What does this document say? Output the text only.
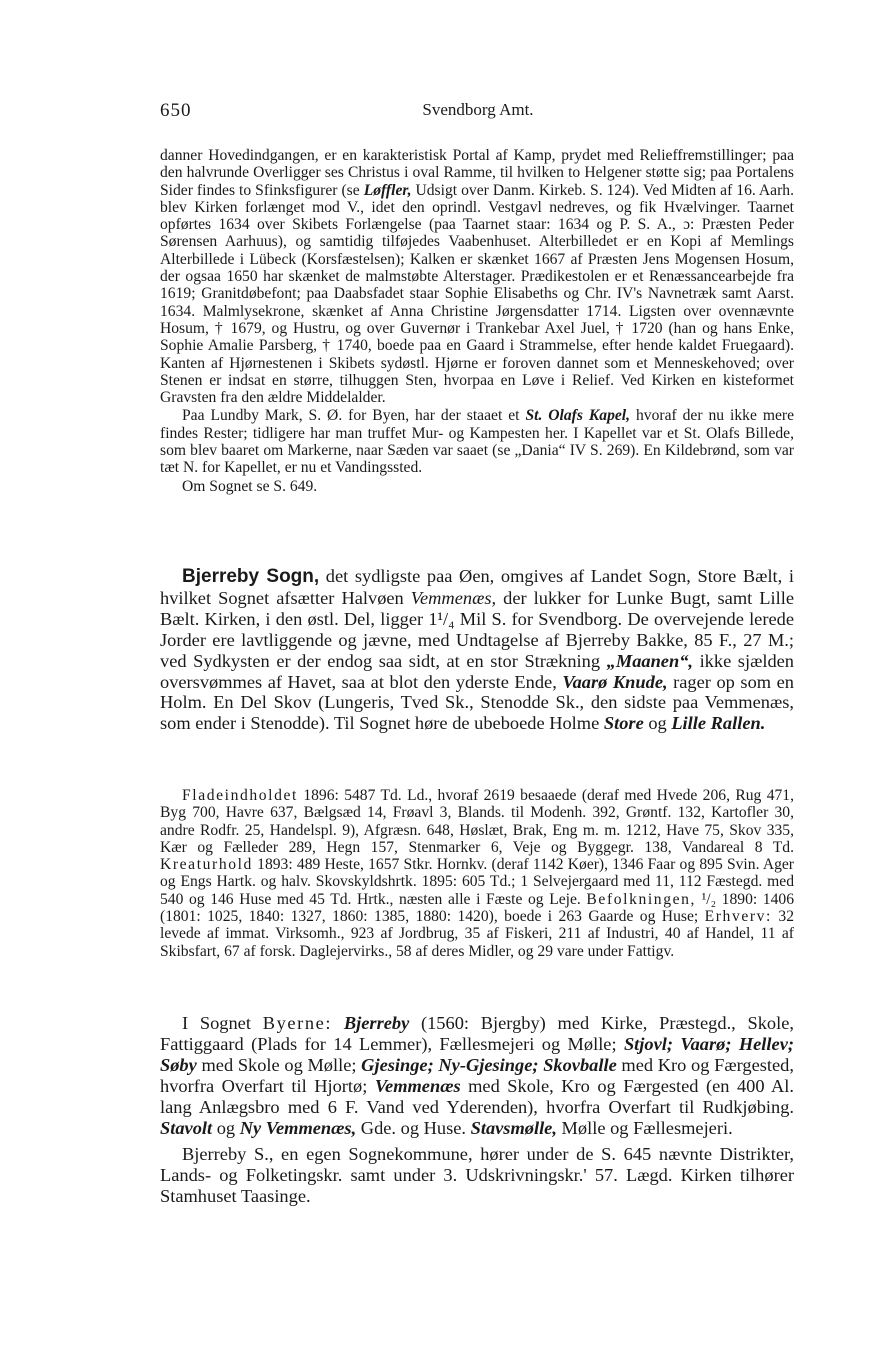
650	Svendborg Amt.

danner Hovedindgangen, er en karakteristisk Portal af Kamp, prydet med Relieffremstillinger; paa den halvrunde Overligger ses Christus i oval Ramme, til hvilken to Helgener støtte sig; paa Portalens Sider findes to Sfinksfigurer (se Løffler, Udsigt over Danm. Kirkeb. S. 124). Ved Midten af 16. Aarh. blev Kirken forlænget mod V., idet den oprindl. Vestgavl nedreves, og fik Hvælvinger. Taarnet opførtes 1634 over Skibets Forlængelse (paa Taarnet staar: 1634 og P. S. A., ɔ: Præsten Peder Sørensen Aarhuus), og samtidig tilføjedes Vaabenhuset. Alterbilledet er en Kopi af Memlings Alterbillede i Lübeck (Korsfæstelsen); Kalken er skænket 1667 af Præsten Jens Mogensen Hosum, der ogsaa 1650 har skænket de malmstøbte Alterstager. Prædikestolen er et Renæssancearbejde fra 1619; Granitdøbefont; paa Daabsfadet staar Sophie Elisabeths og Chr. IV's Navnetræk samt Aarst. 1634. Malmlysekrone, skænket af Anna Christine Jørgensdatter 1714. Ligsten over ovennævnte Hosum, † 1679, og Hustru, og over Guvernør i Trankebar Axel Juel, † 1720 (han og hans Enke, Sophie Amalie Parsberg, † 1740, boede paa en Gaard i Strammelse, efter hende kaldet Fruegaard). Kanten af Hjørnestenen i Skibets sydøstl. Hjørne er foroven dannet som et Menneskehoved; over Stenen er indsat en større, tilhuggen Sten, hvorpaa en Løve i Relief. Ved Kirken en kisteformet Gravsten fra den ældre Middelalder.

Paa Lundby Mark, S. Ø. for Byen, har der staaet et St. Olafs Kapel, hvoraf der nu ikke mere findes Rester; tidligere har man truffet Mur- og Kampesten her. I Kapellet var et St. Olafs Billede, som blev baaret om Markerne, naar Sæden var saaet (se „Dania“ IV S. 269). En Kildebrønd, som var tæt N. for Kapellet, er nu et Vandingssted.

Om Sognet se S. 649.

Bjerreby Sogn, det sydligste paa Øen, omgives af Landet Sogn, Store Bælt, i hvilket Sognet afsætter Halvøen Vemmenæs, der lukker for Lunke Bugt, samt Lille Bælt. Kirken, i den østl. Del, ligger 1¹/₄ Mil S. for Svendborg. De overvejende lerede Jorder ere lavtliggende og jævne, med Undtagelse af Bjerreby Bakke, 85 F., 27 M.; ved Sydkysten er der endog saa sidt, at en stor Strækning „Maanen“, ikke sjælden oversvømmes af Havet, saa at blot den yderste Ende, Vaarø Knude, rager op som en Holm. En Del Skov (Lungeris, Tved Sk., Stenodde Sk., den sidste paa Vemmenæs, som ender i Stenodde). Til Sognet høre de ubeboede Holme Store og Lille Rallen.

Fladeindholdet 1896: 5487 Td. Ld., hvoraf 2619 besaaede (deraf med Hvede 206, Rug 471, Byg 700, Havre 637, Bælgsæd 14, Frøavl 3, Blands. til Modenh. 392, Grøntf. 132, Kartofler 30, andre Rodfr. 25, Handelspl. 9), Afgræsn. 648, Høslæt, Brak, Eng m. m. 1212, Have 75, Skov 335, Kær og Fælleder 289, Hegn 157, Stenmarker 6, Veje og Byggegr. 138, Vandareal 8 Td. Kreaturhold 1893: 489 Heste, 1657 Stkr. Hornkv. (deraf 1142 Køer), 1346 Faar og 895 Svin. Ager og Engs Hartk. og halv. Skovskyldshrtk. 1895: 605 Td.; 1 Selvejergaard med 11, 112 Fæstegd. med 540 og 146 Huse med 45 Td. Hrtk., næsten alle i Fæste og Leje. Befolkningen, ¹/₂ 1890: 1406 (1801: 1025, 1840: 1327, 1860: 1385, 1880: 1420), boede i 263 Gaarde og Huse; Erhverv: 32 levede af immat. Virksomh., 923 af Jordbrug, 35 af Fiskeri, 211 af Industri, 40 af Handel, 11 af Skibsfart, 67 af forsk. Daglejervirks., 58 af deres Midler, og 29 vare under Fattigv.

I Sognet Byerne: Bjerreby (1560: Bjergby) med Kirke, Præstegd., Skole, Fattiggaard (Plads for 14 Lemmer), Fællesmejeri og Mølle; Stjovl; Vaarø; Hellev; Søby med Skole og Mølle; Gjesinge; Ny-Gjesinge; Skovballe med Kro og Færgested, hvorfra Overfart til Hjortø; Vemmenæs med Skole, Kro og Færgested (en 400 Al. lang Anlægsbro med 6 F. Vand ved Yderenden), hvorfra Overfart til Rudkjøbing. Stavolt og Ny Vemmenæs, Gde. og Huse. Stavsmølle, Mølle og Fællesmejeri.

Bjerreby S., en egen Sognekommune, hører under de S. 645 nævnte Distrikter, Lands- og Folketingskr. samt under 3. Udskrivningskr.' 57. Lægd. Kirken tilhører Stamhuset Taasinge.
